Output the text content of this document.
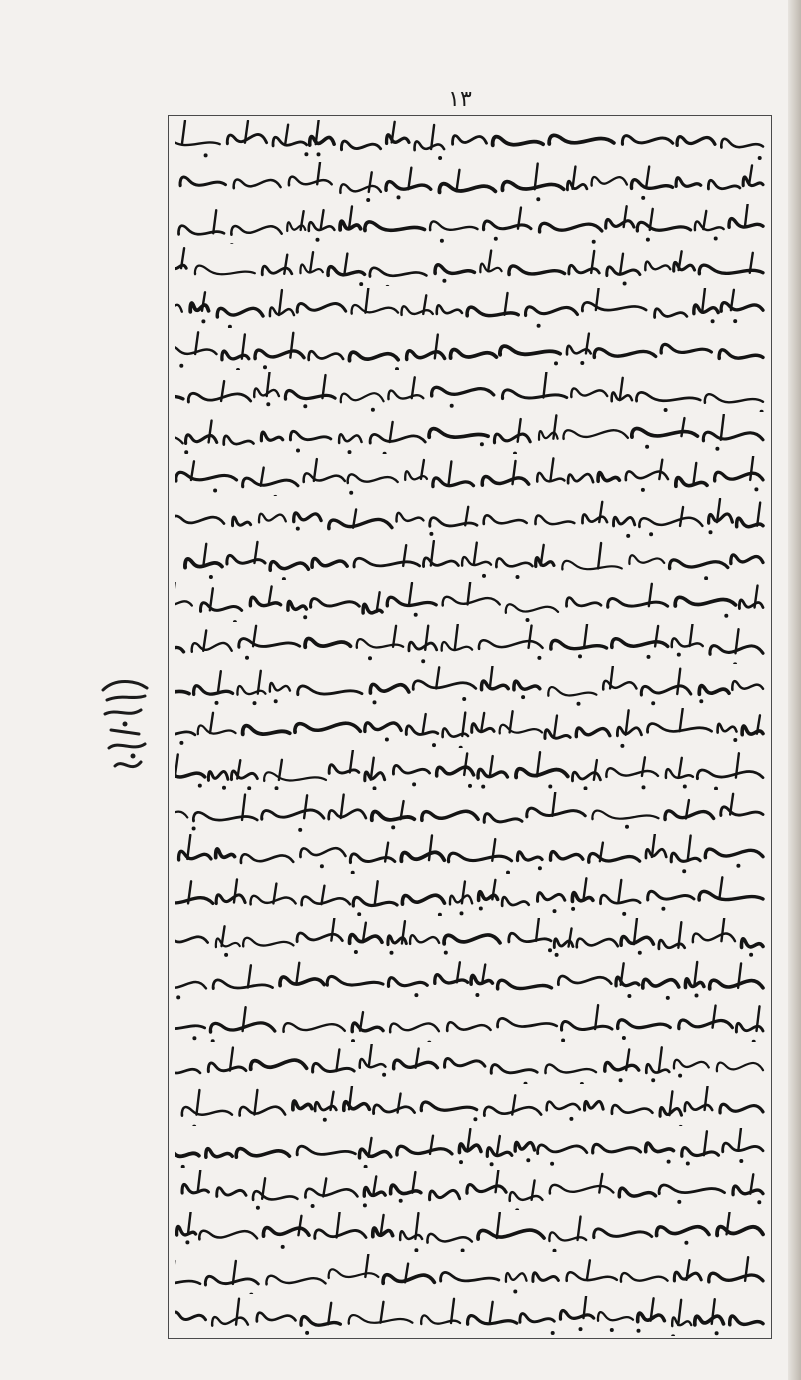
۱۳
